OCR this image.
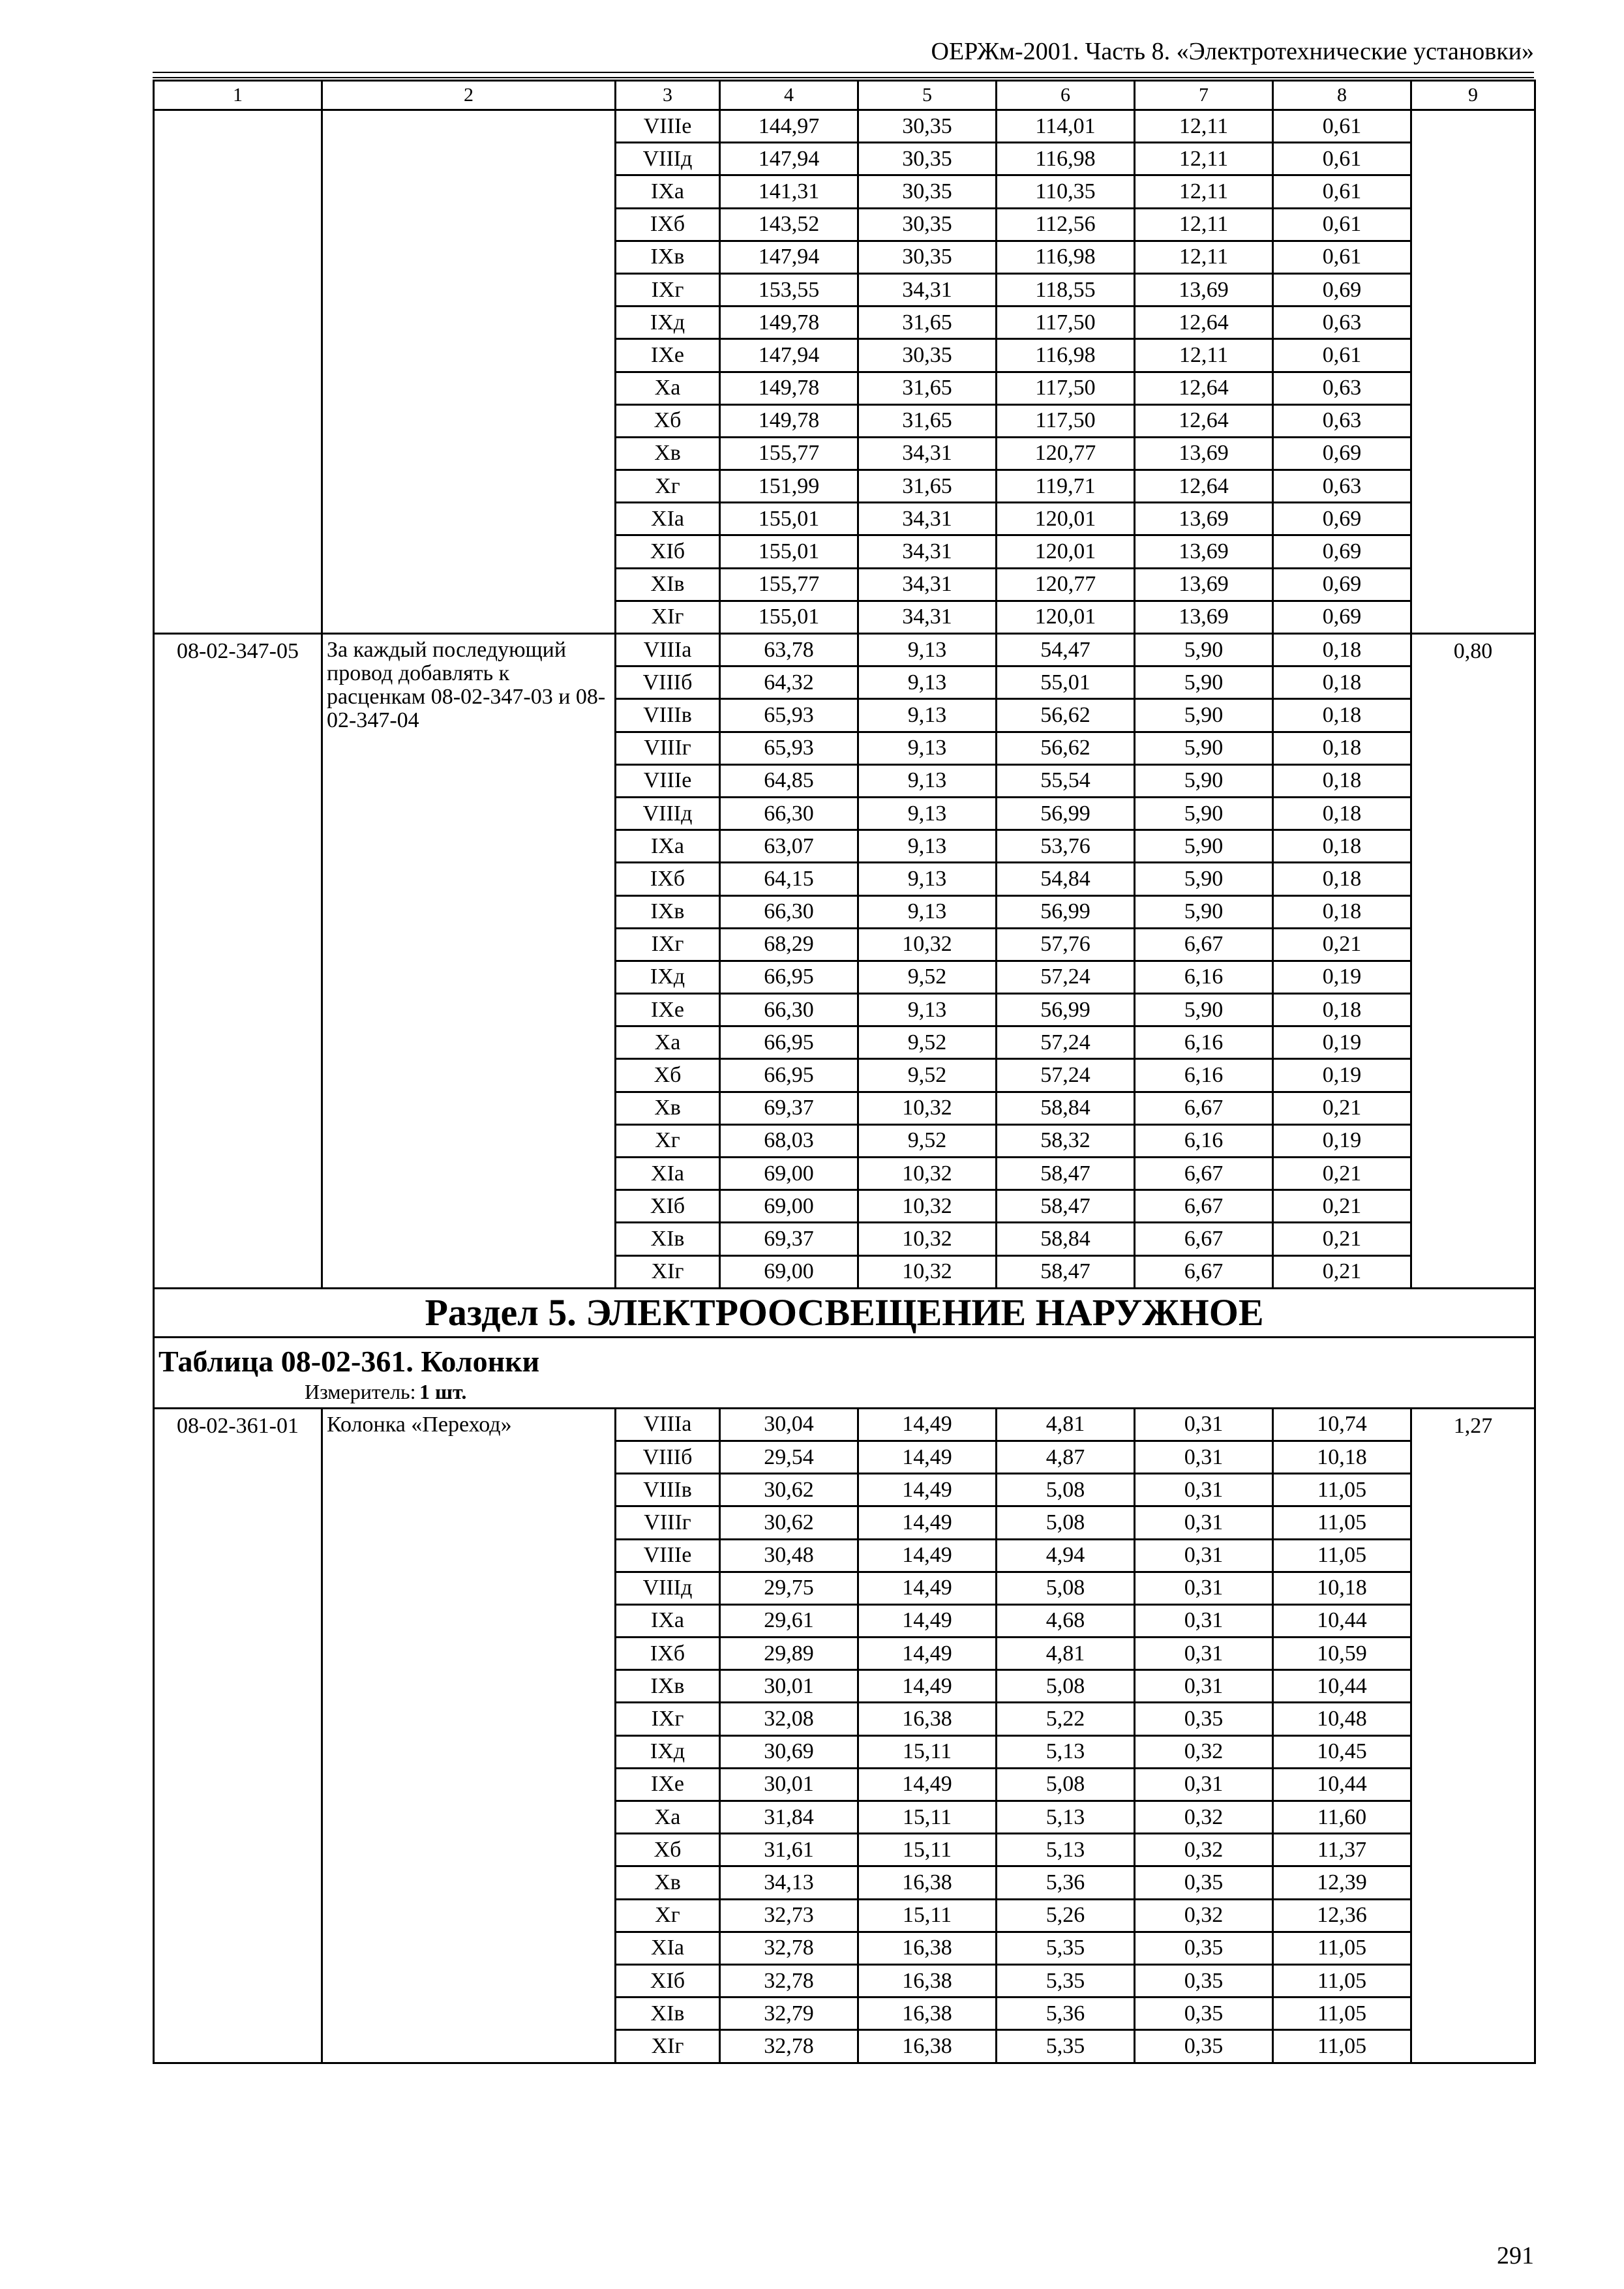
ОЕРЖм-2001. Часть 8. «Электротехнические установки»
1	2	3	4	5	6	7	8	9
		VIIIе	144,97	30,35	114,01	12,11	0,61	
		VIIIд	147,94	30,35	116,98	12,11	0,61	
		IXа	141,31	30,35	110,35	12,11	0,61	
		IXб	143,52	30,35	112,56	12,11	0,61	
		IXв	147,94	30,35	116,98	12,11	0,61	
		IXг	153,55	34,31	118,55	13,69	0,69	
		IXд	149,78	31,65	117,50	12,64	0,63	
		IXе	147,94	30,35	116,98	12,11	0,61	
		Xа	149,78	31,65	117,50	12,64	0,63	
		Xб	149,78	31,65	117,50	12,64	0,63	
		Xв	155,77	34,31	120,77	13,69	0,69	
		Xг	151,99	31,65	119,71	12,64	0,63	
		XIа	155,01	34,31	120,01	13,69	0,69	
		XIб	155,01	34,31	120,01	13,69	0,69	
		XIв	155,77	34,31	120,77	13,69	0,69	
		XIг	155,01	34,31	120,01	13,69	0,69	
08-02-347-05	За каждый последующий провод добавлять к расценкам 08-02-347-03 и 08-02-347-04	VIIIа	63,78	9,13	54,47	5,90	0,18	0,80
		VIIIб	64,32	9,13	55,01	5,90	0,18	
		VIIIв	65,93	9,13	56,62	5,90	0,18	
		VIIIг	65,93	9,13	56,62	5,90	0,18	
		VIIIе	64,85	9,13	55,54	5,90	0,18	
		VIIIд	66,30	9,13	56,99	5,90	0,18	
		IXа	63,07	9,13	53,76	5,90	0,18	
		IXб	64,15	9,13	54,84	5,90	0,18	
		IXв	66,30	9,13	56,99	5,90	0,18	
		IXг	68,29	10,32	57,76	6,67	0,21	
		IXд	66,95	9,52	57,24	6,16	0,19	
		IXе	66,30	9,13	56,99	5,90	0,18	
		Xа	66,95	9,52	57,24	6,16	0,19	
		Xб	66,95	9,52	57,24	6,16	0,19	
		Xв	69,37	10,32	58,84	6,67	0,21	
		Xг	68,03	9,52	58,32	6,16	0,19	
		XIа	69,00	10,32	58,47	6,67	0,21	
		XIб	69,00	10,32	58,47	6,67	0,21	
		XIв	69,37	10,32	58,84	6,67	0,21	
		XIг	69,00	10,32	58,47	6,67	0,21	
Раздел 5. ЭЛЕКТРООСВЕЩЕНИЕ НАРУЖНОЕ								
Таблица 08-02-361. Колонки								
Измеритель: 1 шт.								
08-02-361-01	Колонка «Переход»	VIIIа	30,04	14,49	4,81	0,31	10,74	1,27
		VIIIб	29,54	14,49	4,87	0,31	10,18	
		VIIIв	30,62	14,49	5,08	0,31	11,05	
		VIIIг	30,62	14,49	5,08	0,31	11,05	
		VIIIе	30,48	14,49	4,94	0,31	11,05	
		VIIIд	29,75	14,49	5,08	0,31	10,18	
		IXа	29,61	14,49	4,68	0,31	10,44	
		IXб	29,89	14,49	4,81	0,31	10,59	
		IXв	30,01	14,49	5,08	0,31	10,44	
		IXг	32,08	16,38	5,22	0,35	10,48	
		IXд	30,69	15,11	5,13	0,32	10,45	
		IXе	30,01	14,49	5,08	0,31	10,44	
		Xа	31,84	15,11	5,13	0,32	11,60	
		Xб	31,61	15,11	5,13	0,32	11,37	
		Xв	34,13	16,38	5,36	0,35	12,39	
		Xг	32,73	15,11	5,26	0,32	12,36	
		XIа	32,78	16,38	5,35	0,35	11,05	
		XIб	32,78	16,38	5,35	0,35	11,05	
		XIв	32,79	16,38	5,36	0,35	11,05	
		XIг	32,78	16,38	5,35	0,35	11,05	
291
